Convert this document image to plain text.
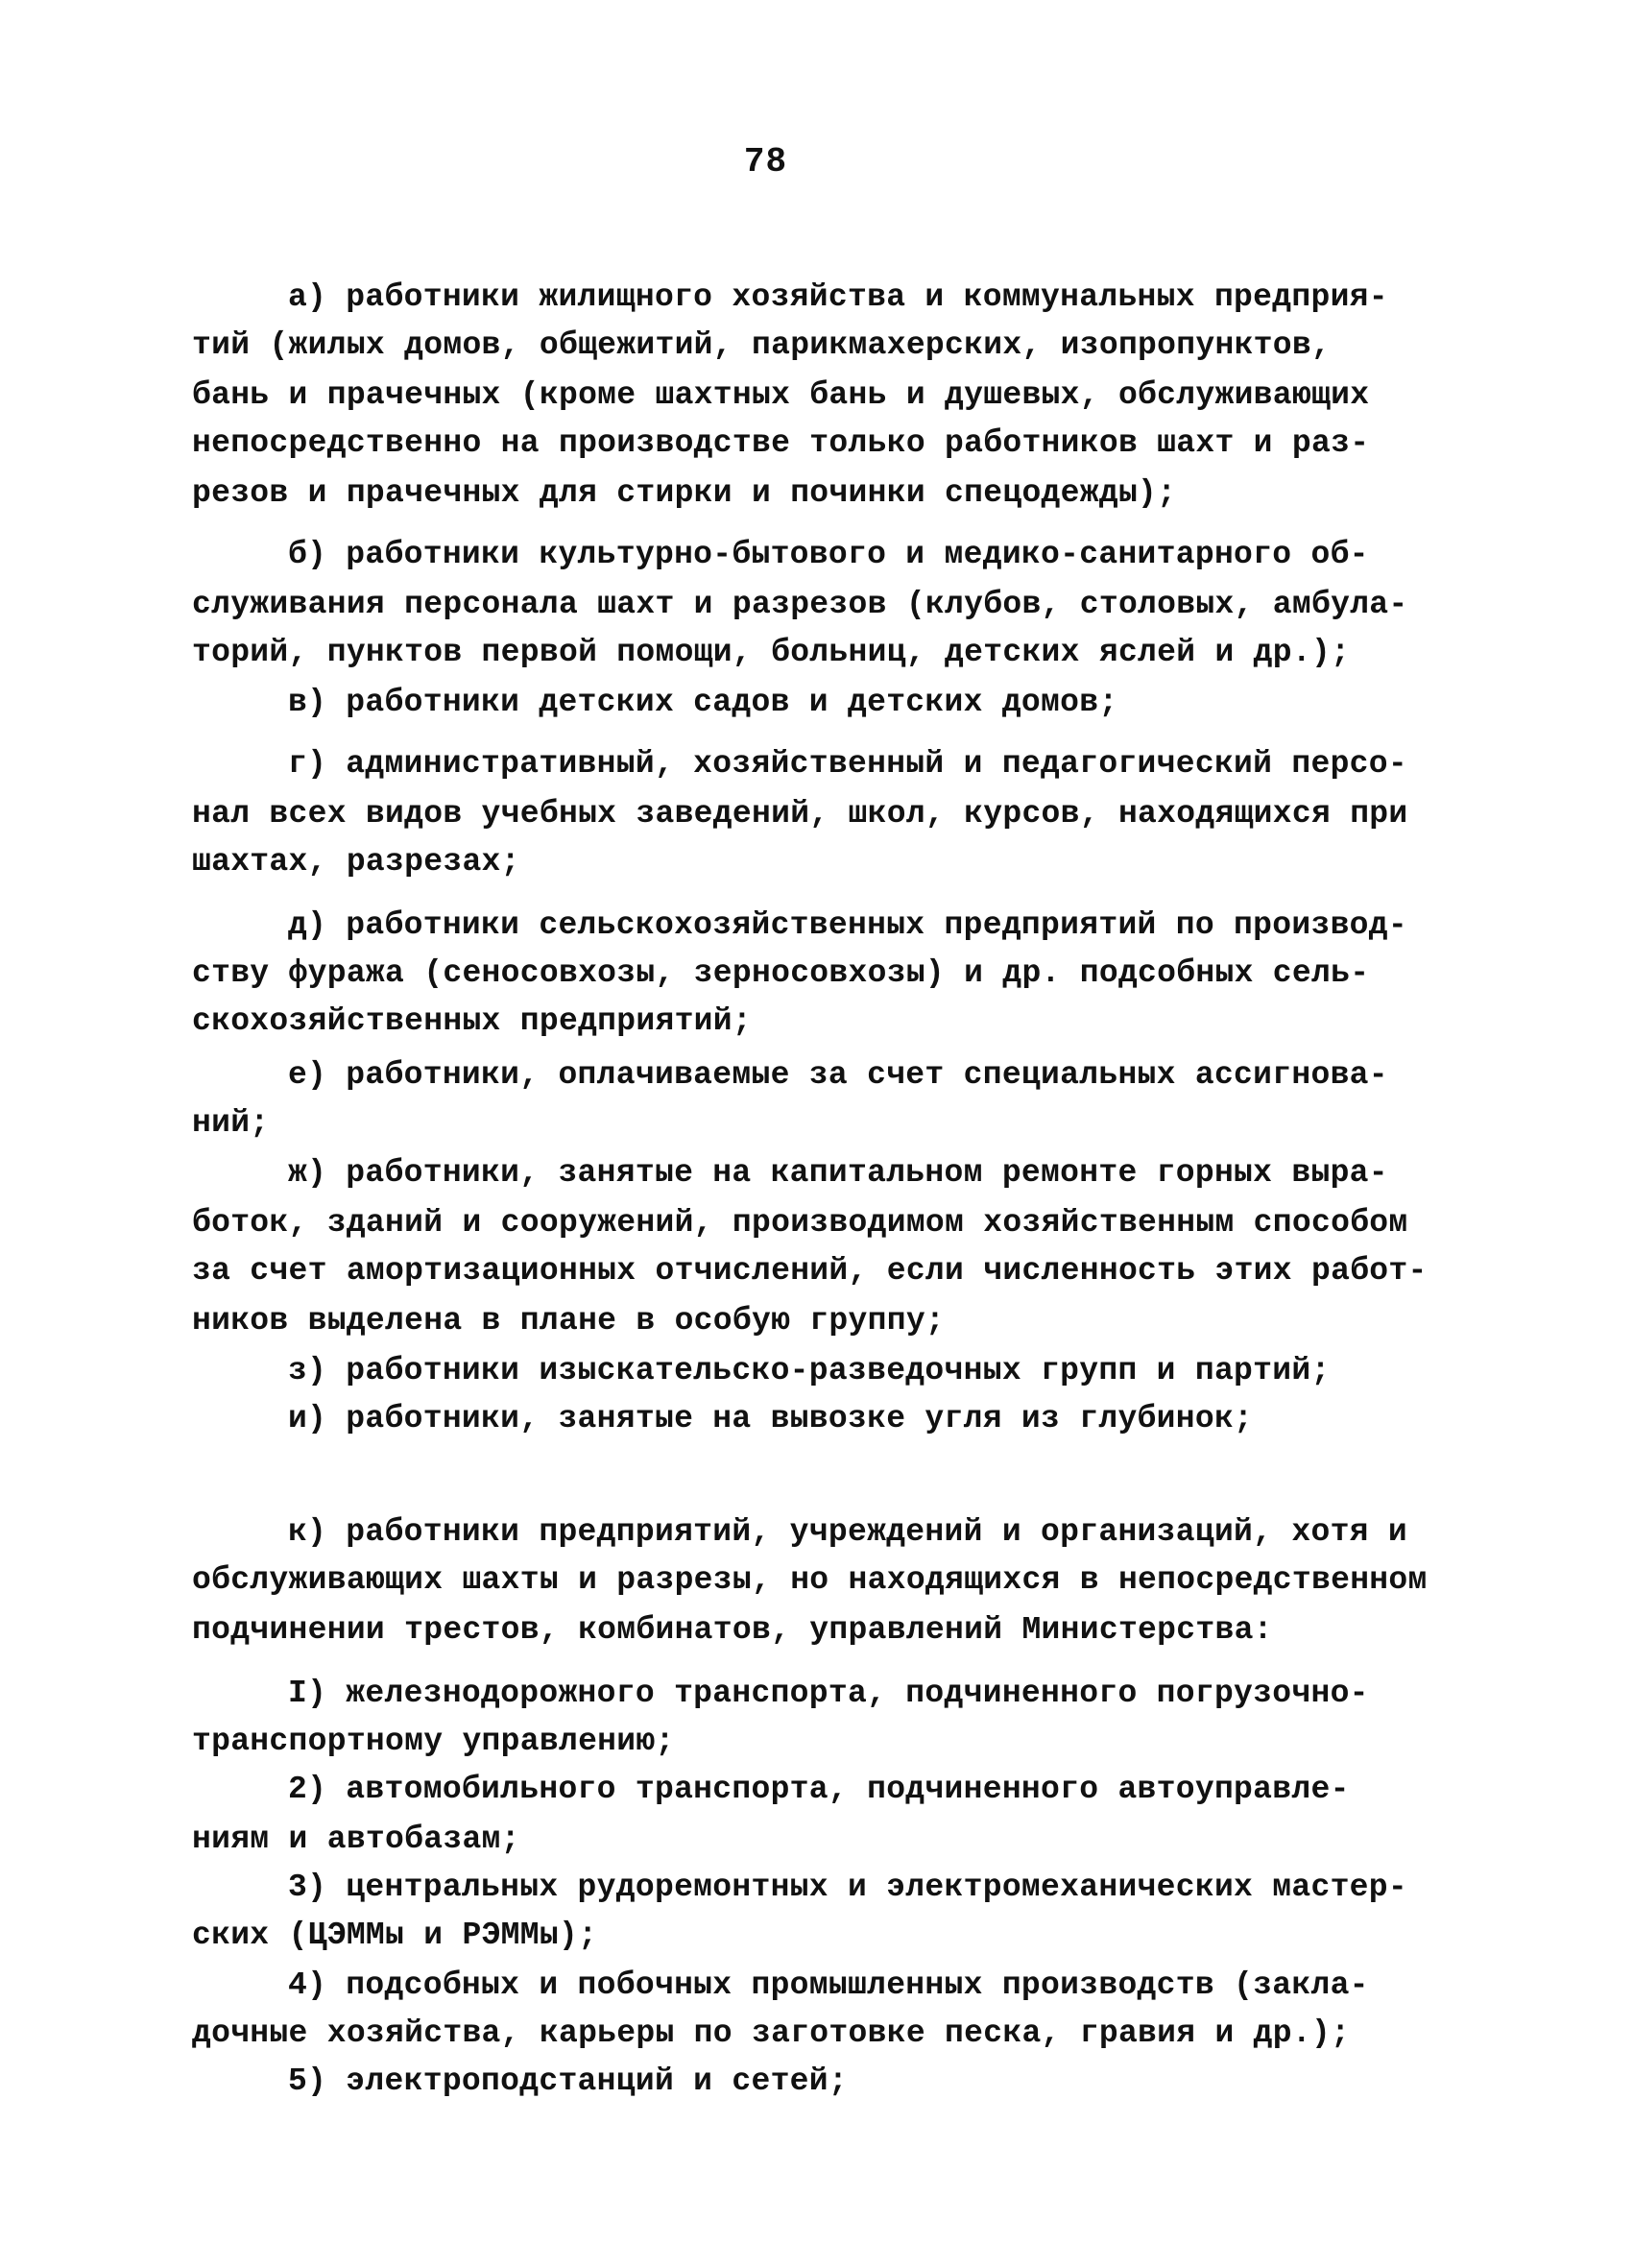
78
а) работники жилищного хозяйства и коммунальных предприя-
тий (жилых домов, общежитий, парикмахерских, изопропунктов,
бань и прачечных (кроме шахтных бань и душевых, обслуживающих
непосредственно на производстве только работников шахт и раз-
резов и прачечных для стирки и починки спецодежды);
б) работники культурно-бытового и медико-санитарного об-
служивания персонала шахт и разрезов (клубов, столовых, амбула-
торий, пунктов первой помощи, больниц, детских яслей и др.);
в) работники детских садов и детских домов;
г) административный, хозяйственный и педагогический персо-
нал всех видов учебных заведений, школ, курсов, находящихся при
шахтах, разрезах;
д) работники сельскохозяйственных предприятий по производ-
ству фуража (сеносовхозы, зерносовхозы) и др. подсобных сель-
скохозяйственных предприятий;
е) работники, оплачиваемые за счет специальных ассигнова-
ний;
ж) работники, занятые на капитальном ремонте горных выра-
боток, зданий и сооружений, производимом хозяйственным способом
за счет амортизационных отчислений, если численность этих работ-
ников выделена в плане в особую группу;
з) работники изыскательско-разведочных групп и партий;
и) работники, занятые на вывозке угля из глубинок;
к) работники предприятий, учреждений и организаций, хотя и
обслуживающих шахты и разрезы, но находящихся в непосредственном
подчинении трестов, комбинатов, управлений Министерства:
I) железнодорожного транспорта, подчиненного погрузочно-
транспортному управлению;
2) автомобильного транспорта, подчиненного автоуправле-
ниям и автобазам;
3) центральных рудоремонтных и электромеханических мастер-
ских (ЦЭММы и РЭММы);
4) подсобных и побочных промышленных производств (закла-
дочные хозяйства, карьеры по заготовке песка, гравия и др.);
5) электроподстанций и сетей;
